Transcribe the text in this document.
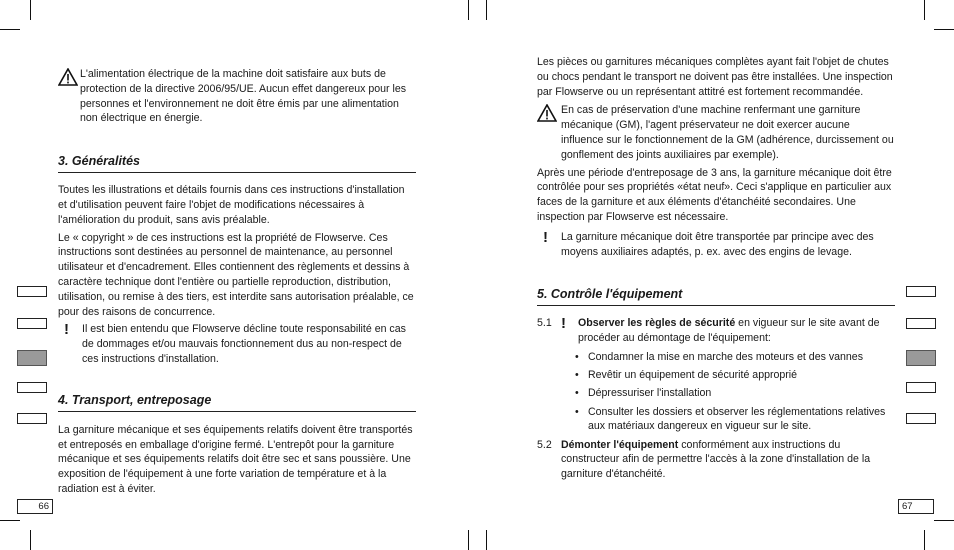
66	67

L'alimentation électrique de la machine doit satisfaire aux buts de protection de la directive 2006/95/UE. Aucun effet dangereux pour les personnes et l'environnement ne doit être émis par une alimentation non électrique en énergie.

3. Généralités

Toutes les illustrations et détails fournis dans ces instructions d'installation et d'utilisation peuvent faire l'objet de modifications nécessaires à l'amélioration du produit, sans avis préalable.

Le « copyright » de ces instructions est la propriété de Flowserve. Ces instructions sont destinées au personnel de maintenance, au personnel utilisateur et d'encadrement. Elles contiennent des règlements et dessins à caractère technique dont l'entière ou partielle reproduction, distribution, utilisation, ou remise à des tiers, est interdite sans autorisation préalable, ce pour des raisons de concurrence.

! Il est bien entendu que Flowserve décline toute responsabilité en cas de dommages et/ou mauvais fonctionnement dus au non-respect de ces instructions d'installation.

4. Transport, entreposage

La garniture mécanique et ses équipements relatifs doivent être transportés et entreposés en emballage d'origine fermé. L'entrepôt pour la garniture mécanique et ses équipements relatifs doit être sec et sans poussière. Une exposition de l'équipement à une forte variation de température et à la radiation est à éviter.

Les pièces ou garnitures mécaniques complètes ayant fait l'objet de chutes ou chocs pendant le transport ne doivent pas être installées. Une inspection par Flowserve ou un représentant attitré est fortement recommandée.

En cas de préservation d'une machine renfermant une garniture mécanique (GM), l'agent préservateur ne doit exercer aucune influence sur le fonctionnement de la GM (adhérence, durcissement ou gonflement des joints auxiliaires par exemple).

Après une période d'entreposage de 3 ans, la garniture mécanique doit être contrôlée pour ses propriétés «état neuf». Ceci s'applique en particulier aux faces de la garniture et aux éléments d'étanchéité secondaires. Une inspection par Flowserve est nécessaire.

! La garniture mécanique doit être transportée par principe avec des moyens auxiliaires adaptés, p. ex. avec des engins de levage.

5. Contrôle l'équipement
5.1 !	Observer les règles de sécurité en vigueur sur le site avant de procéder au démontage de l'équipement:

• Condamner la mise en marche des moteurs et des vannes
• Revêtir un équipement de sécurité approprié
• Dépressuriser l'installation
• Consulter les dossiers et observer les réglementations relatives aux matériaux dangereux en vigueur sur le site.
5.2 Démonter l'équipement conformément aux instructions du constructeur afin de permettre l'accès à la zone d'installation de la garniture d'étanchéité.
